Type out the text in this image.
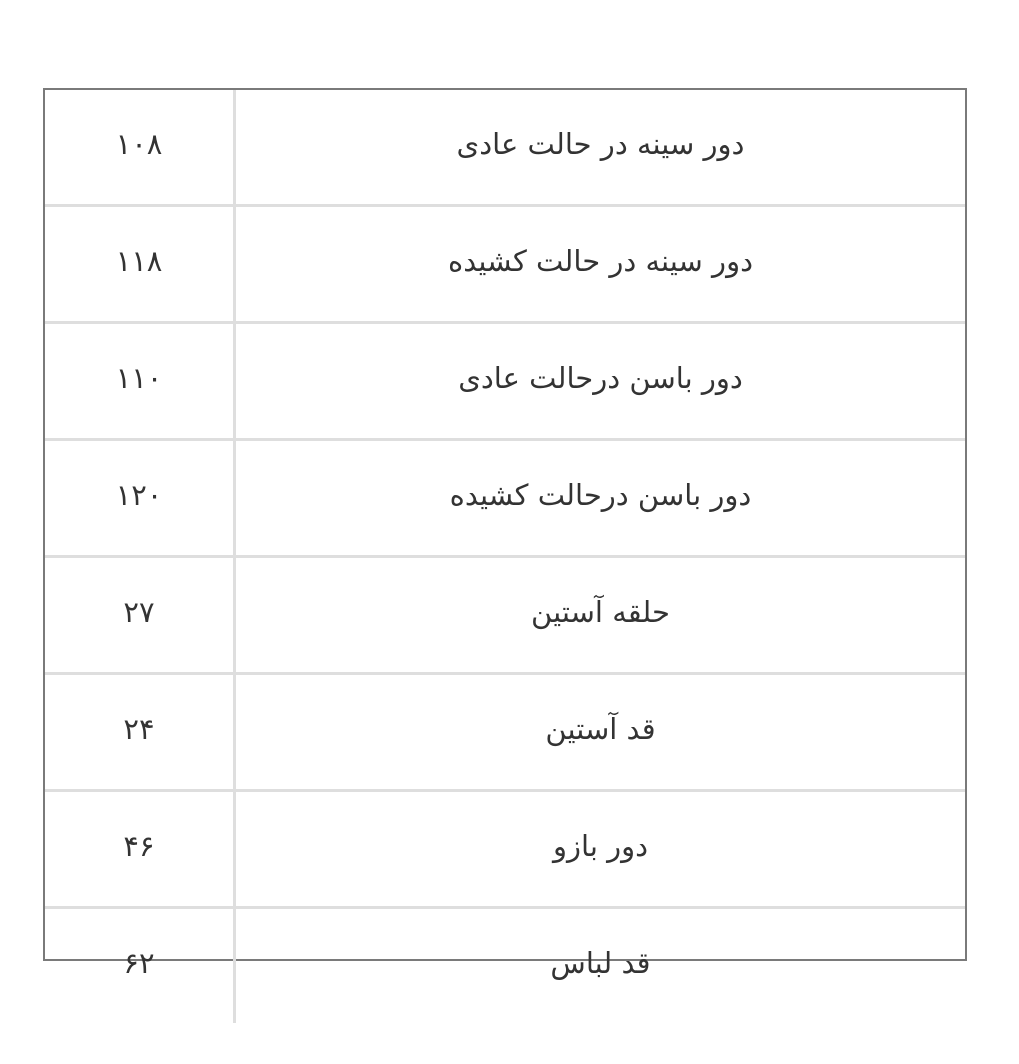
۱۰۸	دور سینه در حالت عادی
۱۱۸	دور سینه در حالت کشیده
۱۱۰	دور باسن درحالت عادی
۱۲۰	دور باسن درحالت کشیده
۲۷	حلقه آستین
۲۴	قد آستین
۴۶	دور بازو
۶۲	قد لباس
